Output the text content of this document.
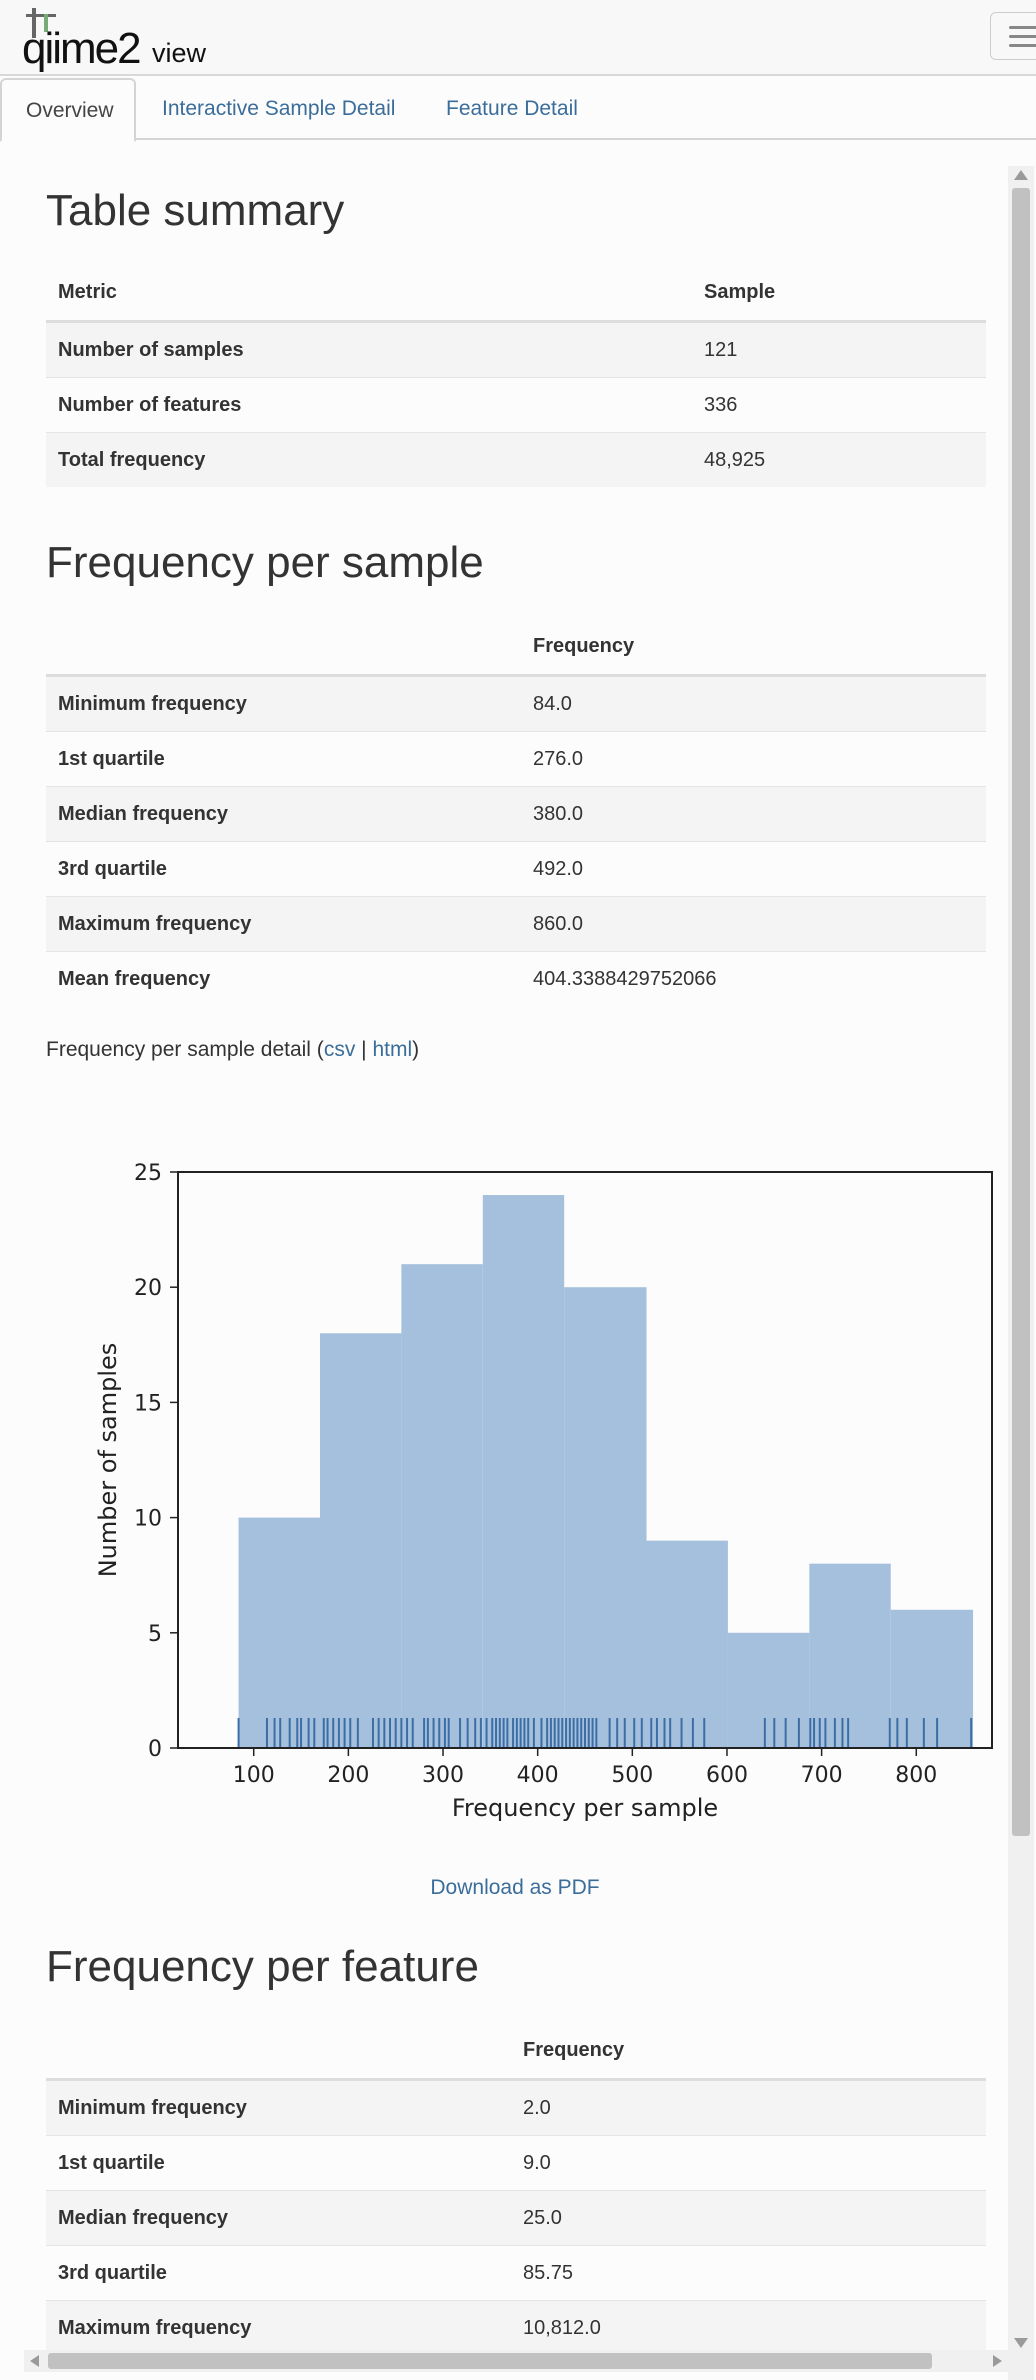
qiime2 view
Overview	Interactive Sample Detail	Feature Detail
Table summary
Metric	Sample
Number of samples	121
Number of features	336
Total frequency	48,925
Frequency per sample
	Frequency
Minimum frequency	84.0
1st quartile	276.0
Median frequency	380.0
3rd quartile	492.0
Maximum frequency	860.0
Mean frequency	404.3388429752066
Frequency per sample detail (csv | html)
100 200 300 400 500 600 700 800
0
5
10
15
20
25
Frequency per sample
Number of samples
Download as PDF
Frequency per feature
	Frequency
Minimum frequency	2.0
1st quartile	9.0
Median frequency	25.0
3rd quartile	85.75
Maximum frequency	10,812.0
